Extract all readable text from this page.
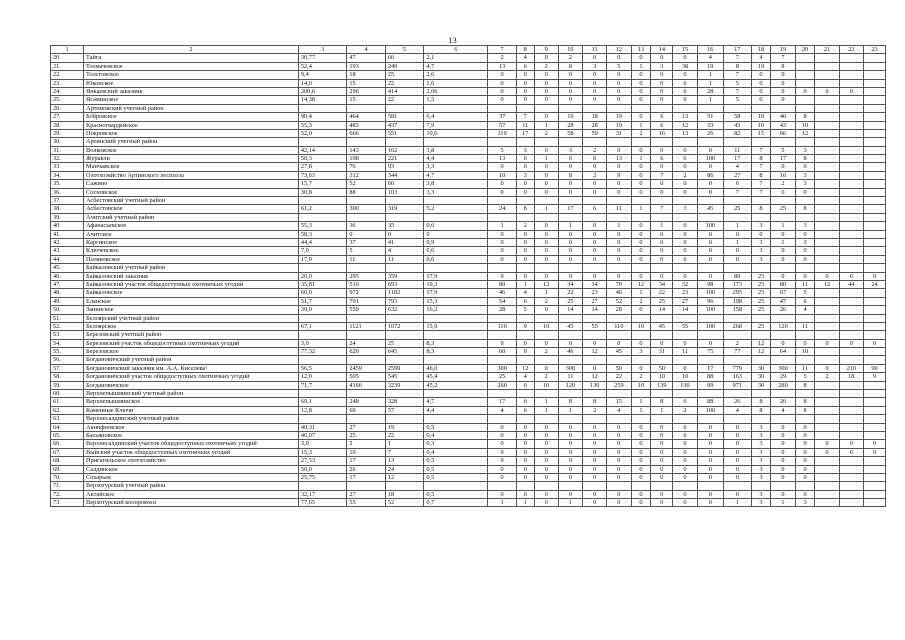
13
1	2	3	4	5	6	7	8	9	10	11	12	13	14	15	16	17	18	19	20	21	22	23
20.	Тайга	30,77	47	66	2,1	2	4	0	2	0	0	0	0	0	4	7	4	7				
21.	Толмачевское	52,4	193	249	4,7	13	6	2	8	3	5	1	3	38	19	8	19	8				
22.	Толстовское	9,4	18	25	2,6	0	0	0	0	0	0	0	0	0	1	7	0	0				
23.	Юконское	14,0	15	22	1,6	0	0	0	0	0	0	0	0	0	1	5	0	0				
24.	Янкаевский заказник	200,6	296	414	2,06	0	0	0	0	0	0	0	0	0	28	7	0	0	0	0	0	
25.	Ясаминское	14,38	15	22	1,5	0	0	0	0	0	0	0	0	0	1	5	0	0				
26.	Артемовский учетный район																					
27.	Бобровское	90,4	464	581	6,4	37	7	0	19	18	19	0	6	13	51	58	10	46	8			
28.	Красногвардейское	55,3	483	437	7,9	57	11	1	28	28	19	1	6	12	33	43	10	43	10			
29.	Покровское	52,0	666	551	10,6	119	17	2	58	59	31	2	16	13	26	82	15	66	12			
30.	Артинский учетный район																					
31.	Волковское	42,14	143	162	3,8	5	3	0	3	2	0	0	0	0	0	11	7	5	3			
32.	Журавли	50,3	198	221	4,4	13	6	1	6	6	13	1	6	6	100	17	8	17	8			
33.	Манчажское	27,8	76	93	3,3	0	0	0	0	0	0	0	0	0	0	4	7	0	0			
34.	Охотхозяйство Артинского леспхоза	73,63	312	344	4,7	10	3	0	8	2	9	0	7	2	86	27	8	16	3			
35.	Сажино	15,7	52	60	3,8	0	0	0	0	0	0	0	0	0	0	6	7	2	3			
36.	Сосновское	30,8	88	103	3,3	0	0	0	0	0	0	0	0	0	0	7	7	0	0			
37.	Асбестовский учетный район																					
38.	Асбестовское	61,2	300	319	5,2	24	8	1	17	6	11	1	7	3	45	25	8	25	8			
39.	Ачитский учетный район																					
40.	Афанасьевское	55,3	36	35	0,6	1	2	0	1	0	1	0	1	0	100	1	3	1	3			
41.	Ачитское	58,3	0	0	0	0	0	0	0	0	0	0	0	0	0	0	0	0	0			
42.	Каргинское	44,4	37	41	0,9	0	0	0	0	0	0	0	0	0	0	1	3	1	3			
43.	Ключевское	7,0	5	4	0,6	0	0	0	0	0	0	0	0	0	0	0	3	0	0			
44.	Поляковское	17,0	11	11	0,6	0	0	0	0	0	0	0	0	0	0	0	3	0	0			
45.	Байкаловский учетный район																					
46.	Байкаловский заказник	20,0	295	359	17,9	0	0	0	0	0	0	0	0	0	0	89	25	0	0	0	0	0
47.	Байкаловский участок общедоступных охотничьих угодий	35,81	516	693	19,3	80	1	12	34	34	70	12	34	32	98	173	25	80	11	12	44	24
48.	Байкаловское	66,0	972	1182	17,9	46	4	1	22	23	46	1	22	23	100	295	25	67	5			
49.	Еланское	51,7	791	793	15,3	54	6	2	25	27	52	2	25	27	96	198	25	47	6			
50.	Занинское	39,0	559	632	16,2	28	5	0	14	14	28	0	14	14	100	158	25	26	4			
51.	Белоярский учетный район																					
52.	Белоярское	67,1	1121	1072	15,9	110	9	10	45	55	110	10	45	55	100	268	25	120	11			
53.	Березовский учетный район																					
54.	Березовский участок общедоступных охотничьих угодий	3,0	24	25	8,3	0	0	0	0	0	0	0	0	0	0	2	12	0	0	0	0	0
55.	Березовское	77,32	620	645	8,3	60	9	2	46	12	45	3	31	11	75	77	12	64	10			
56.	Богдановичский учетный район																					
57.	Богдановичский заказник им. А.А. Киселева¹	56,5	2459	2599	46,0	300	12	0	300	0	50	0	50	0	17	779	30	300	11	0	210	90
58.	Богдановичский участок общедоступных охотничьих угодий	12,0	505	545	45,4	25	4	2	11	12	22	2	10	10	88	163	30	29	5	2	18	9
59.	Богдановичское	71,7	4166	3239	45,2	260	6	10	120	130	259	10	139	130	99	971	30	280	8			
60.	Верхнепышминский учетный район																					
61.	Верхнепышминское	69,1	248	328	4,7	17	6	1	8	8	15	1	8	6	88	26	8	26	8			
62.	Каменные Ключи	12,8	60	57	4,4	4	6	1	1	2	4	1	1	2	100	4	8	4	8			
63.	Верхнесалдинский учетный район																					
64.	Акинфеевское	40,31	27	19	0,5	0	0	0	0	0	0	0	0	0	0	0	3	0	0			
65.	Басьяновское	46,07	25	22	0,4	0	0	0	0	0	0	0	0	0	0	0	3	0	0			
66.	Верхнесалдинский участок общедоступных охотничьих угодий	3,0	2	1	0,3	0	0	0	0	0	0	0	0	0	0	0	3	0	0	0	0	0
67.	Выйский участок общедоступных охотничьих угодий	15,3	10	7	0,4	0	0	0	0	0	0	0	0	0	0	0	3	0	0	0	0	0
68.	Пригагильское охотхозяйство	27,53	17	13	0,5	0	0	0	0	0	0	0	0	0	0	0	3	0	0			
69.	Салдинское	50,0	26	24	0,5	0	0	0	0	0	0	0	0	0	0	0	3	0	0			
70.	Сохарьев	25,75	17	12	0,5	0	0	0	0	0	0	0	0	0	0	0	3	0	0			
71.	Верхотурский учетный район																					
72.	Актайское	32,17	27	18	0,5	0	0	0	0	0	0	0	0	0	0	0	3	0	0			
73.	Верхотурский коопромхоз	77,65	55	52	0,7	1	1	0	1	0	0	0	0	0	0	1	3	1	3			
